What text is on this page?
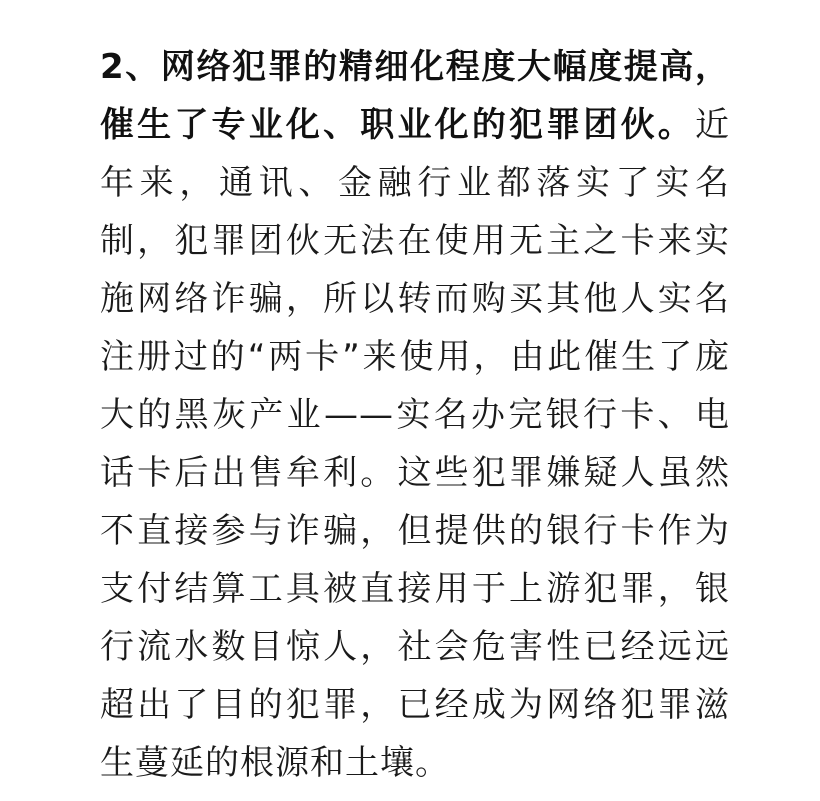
2、网络犯罪的精细化程度大幅度提高，
催生了专业化、职业化的犯罪团伙。近
年来，通讯、金融行业都落实了实名
制，犯罪团伙无法在使用无主之卡来实
施网络诈骗，所以转而购买其他人实名
注册过的“两卡”来使用，由此催生了庞
大的黑灰产业——实名办完银行卡、电
话卡后出售牟利。这些犯罪嫌疑人虽然
不直接参与诈骗，但提供的银行卡作为
支付结算工具被直接用于上游犯罪，银
行流水数目惊人，社会危害性已经远远
超出了目的犯罪，已经成为网络犯罪滋
生蔓延的根源和土壤。
